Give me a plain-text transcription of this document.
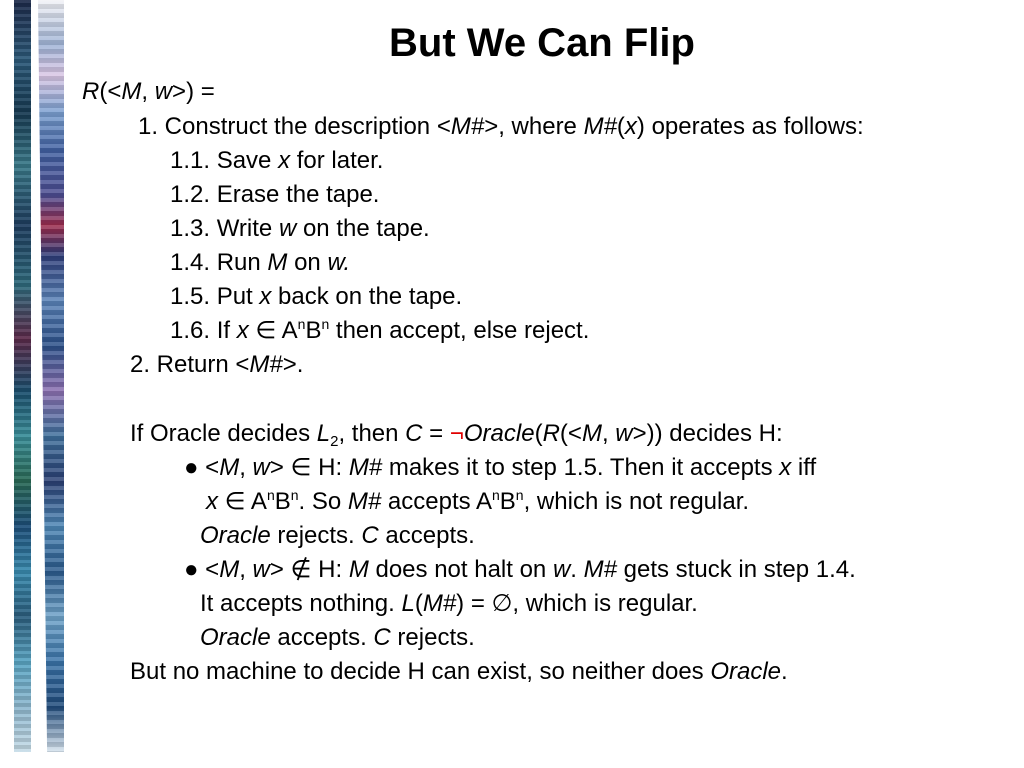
But We Can Flip
R(<M, w>) =
1. Construct the description <M#>, where M#(x) operates as follows:
1.1. Save x for later.
1.2. Erase the tape.
1.3. Write w on the tape.
1.4. Run M on w.
1.5. Put x back on the tape.
1.6. If x ∈ $A^nB^n$ then accept, else reject.
2. Return <M#>.
If Oracle decides $L_2$, then C = ¬Oracle(R(<M, w>)) decides H:
● <M, w> ∈ H: M# makes it to step 1.5. Then it accepts x iff
x ∈ $A^nB^n$. So M# accepts $A^nB^n$, which is not regular.
Oracle rejects. C accepts.
● <M, w> ∉ H: M does not halt on w. M# gets stuck in step 1.4.
It accepts nothing. L(M#) = ∅, which is regular.
Oracle accepts. C rejects.
But no machine to decide H can exist, so neither does Oracle.
